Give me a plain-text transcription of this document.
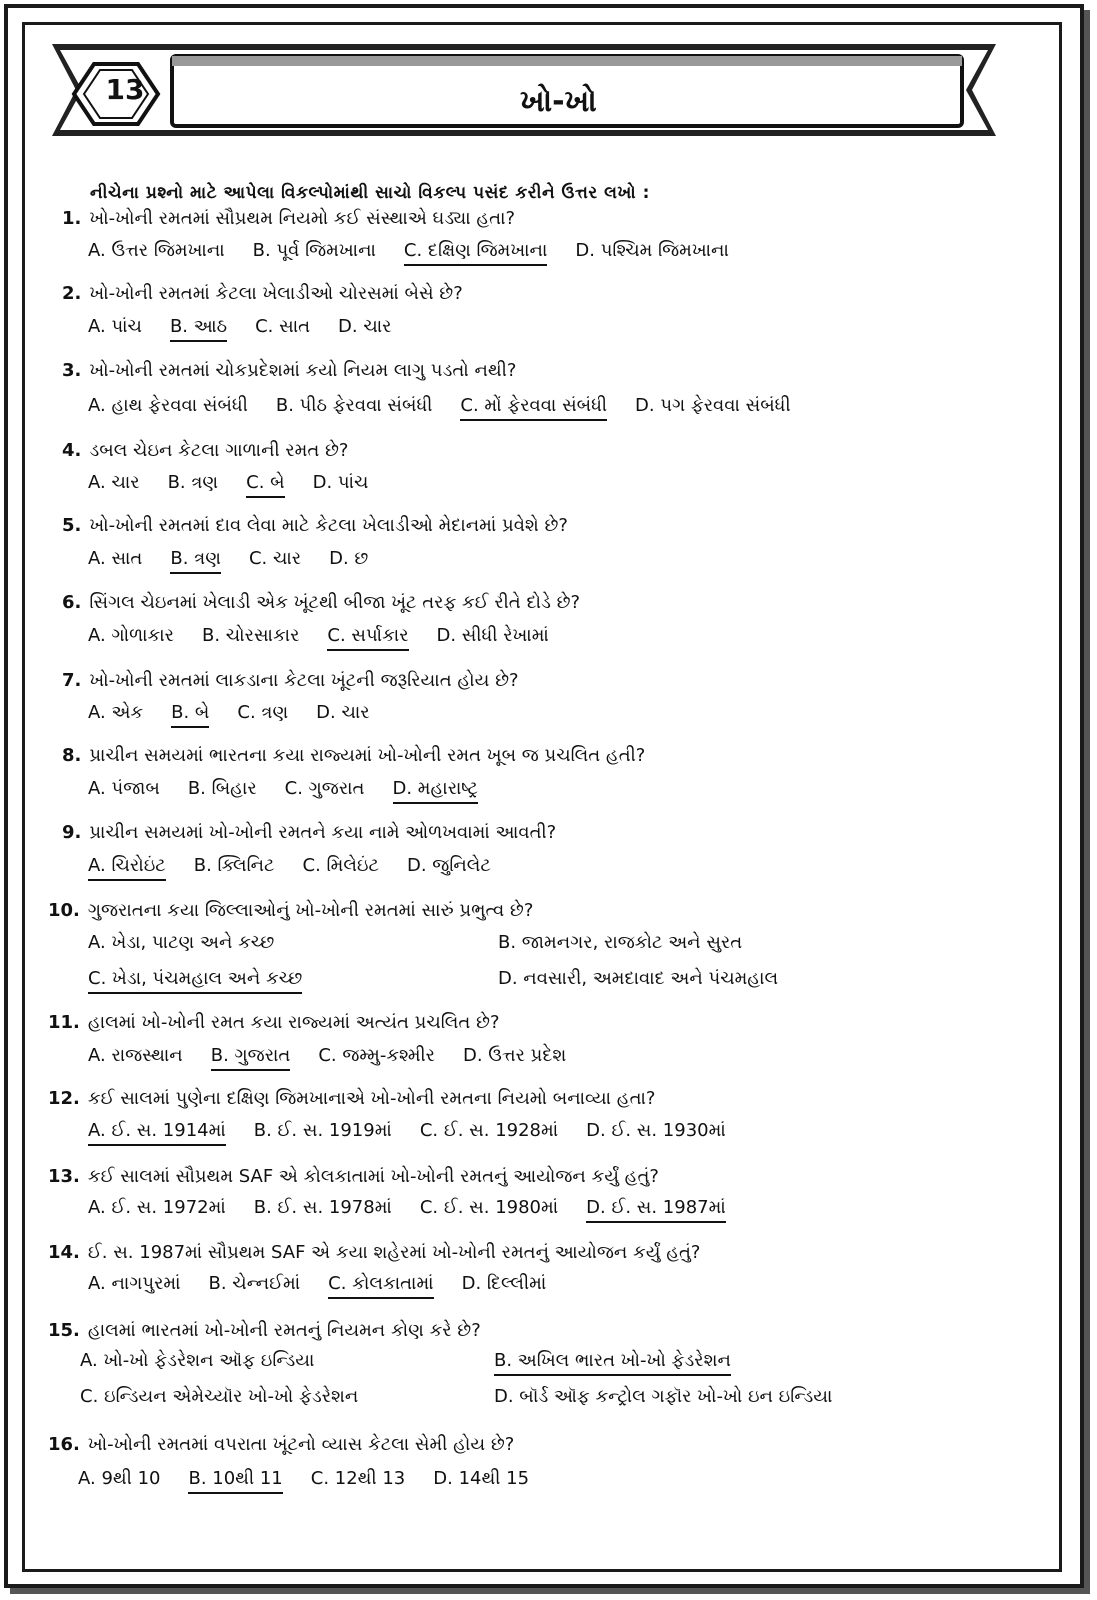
13	ખો-ખો
નીચેના પ્રશ્નો માટે આપેલા વિકલ્પોમાંથી સાચો વિકલ્પ પસંદ કરીને ઉત્તર લખો :
1. ખો-ખોની રમતમાં સૌપ્રથમ નિયમો કઈ સંસ્થાએ ઘડ્યા હતા?
A. ઉત્તર જિમખાના B. પૂર્વ જિમખાના C. દક્ષિણ જિમખાના D. પશ્ચિમ જિમખાના
2. ખો-ખોની રમતમાં કેટલા ખેલાડીઓ ચોરસમાં બેસે છે?
A. પાંચ B. આઠ C. સાત D. ચાર
3. ખો-ખોની રમતમાં ચોકપ્રદેશમાં કયો નિયમ લાગુ પડતો નથી?
A. હાથ ફેરવવા સંબંધી B. પીઠ ફેરવવા સંબંધી C. મોં ફેરવવા સંબંધી D. પગ ફેરવવા સંબંધી
4. ડબલ ચેઇન કેટલા ગાળાની રમત છે?
A. ચાર B. ત્રણ C. બે D. પાંચ
5. ખો-ખોની રમતમાં દાવ લેવા માટે કેટલા ખેલાડીઓ મેદાનમાં પ્રવેશે છે?
A. સાત B. ત્રણ C. ચાર D. છ
6. સિંગલ ચેઇનમાં ખેલાડી એક ખૂંટથી બીજા ખૂંટ તરફ કઈ રીતે દોડે છે?
A. ગોળાકાર B. ચોરસાકાર C. સર્પાકાર D. સીધી રેખામાં
7. ખો-ખોની રમતમાં લાકડાના કેટલા ખૂંટની જરૂરિયાત હોય છે?
A. એક B. બે C. ત્રણ D. ચાર
8. પ્રાચીન સમયમાં ભારતના કયા રાજ્યમાં ખો-ખોની રમત ખૂબ જ પ્રચલિત હતી?
A. પંજાબ B. બિહાર C. ગુજરાત D. મહારાષ્ટ્ર
9. પ્રાચીન સમયમાં ખો-ખોની રમતને કયા નામે ઓળખવામાં આવતી?
A. ચિરોઇંટ B. ક્લિનિટ C. મિલેઇંટ D. જુનિલેટ
10. ગુજરાતના કયા જિલ્લાઓનું ખો-ખોની રમતમાં સારું પ્રભુત્વ છે?
A. ખેડા, પાટણ અને કચ્છ	B. જામનગર, રાજકોટ અને સુરત
C. ખેડા, પંચમહાલ અને કચ્છ	D. નવસારી, અમદાવાદ અને પંચમહાલ
11. હાલમાં ખો-ખોની રમત કયા રાજ્યમાં અત્યંત પ્રચલિત છે?
A. રાજસ્થાન B. ગુજરાત C. જમ્મુ-કશ્મીર D. ઉત્તર પ્રદેશ
12. કઈ સાલમાં પુણેના દક્ષિણ જિમખાનાએ ખો-ખોની રમતના નિયમો બનાવ્યા હતા?
A. ઈ. સ. 1914માં B. ઈ. સ. 1919માં C. ઈ. સ. 1928માં D. ઈ. સ. 1930માં
13. કઈ સાલમાં સૌપ્રથમ SAF એ કોલકાતામાં ખો-ખોની રમતનું આયોજન કર્યું હતું?
A. ઈ. સ. 1972માં B. ઈ. સ. 1978માં C. ઈ. સ. 1980માં D. ઈ. સ. 1987માં
14. ઈ. સ. 1987માં સૌપ્રથમ SAF એ કયા શહેરમાં ખો-ખોની રમતનું આયોજન કર્યું હતું?
A. નાગપુરમાં B. ચેન્નઈમાં C. કોલકાતામાં D. દિલ્લીમાં
15. હાલમાં ભારતમાં ખો-ખોની રમતનું નિયમન કોણ કરે છે?
A. ખો-ખો ફેડરેશન ઑફ ઇન્ડિયા	B. અખિલ ભારત ખો-ખો ફેડરેશન
C. ઇન્ડિયન એમેચ્યૉર ખો-ખો ફેડરેશન	D. બૉર્ડ ઑફ કન્ટ્રોલ ગફૉર ખો-ખો ઇન ઇન્ડિયા
16. ખો-ખોની રમતમાં વપરાતા ખૂંટનો વ્યાસ કેટલા સેમી હોય છે?
A. 9થી 10 B. 10થી 11 C. 12થી 13 D. 14થી 15
